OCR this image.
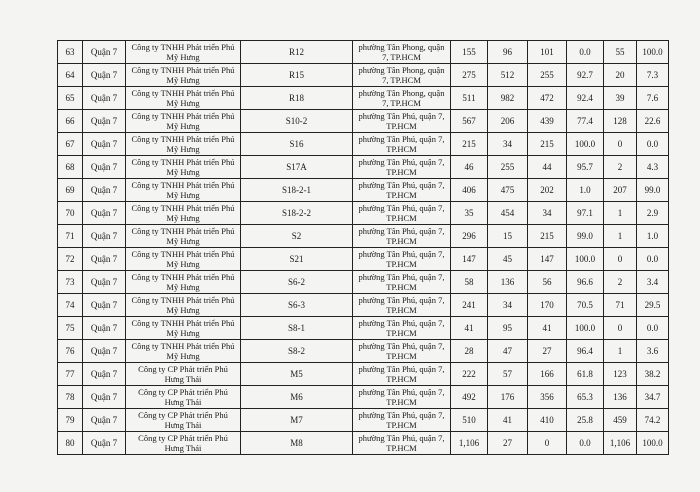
63	Quận 7	Công ty TNHH Phát triển Phú Mỹ Hưng	R12	phường Tân Phong, quận 7, TP.HCM	155	96	101	0.0	55	100.0
64	Quận 7	Công ty TNHH Phát triển Phú Mỹ Hưng	R15	phường Tân Phong, quận 7, TP.HCM	275	512	255	92.7	20	7.3
65	Quận 7	Công ty TNHH Phát triển Phú Mỹ Hưng	R18	phường Tân Phong, quận 7, TP.HCM	511	982	472	92.4	39	7.6
66	Quận 7	Công ty TNHH Phát triển Phú Mỹ Hưng	S10-2	phường Tân Phú, quận 7, TP.HCM	567	206	439	77.4	128	22.6
67	Quận 7	Công ty TNHH Phát triển Phú Mỹ Hưng	S16	phường Tân Phú, quận 7, TP.HCM	215	34	215	100.0	0	0.0
68	Quận 7	Công ty TNHH Phát triển Phú Mỹ Hưng	S17A	phường Tân Phú, quận 7, TP.HCM	46	255	44	95.7	2	4.3
69	Quận 7	Công ty TNHH Phát triển Phú Mỹ Hưng	S18-2-1	phường Tân Phú, quận 7, TP.HCM	406	475	202	1.0	207	99.0
70	Quận 7	Công ty TNHH Phát triển Phú Mỹ Hưng	S18-2-2	phường Tân Phú, quận 7, TP.HCM	35	454	34	97.1	1	2.9
71	Quận 7	Công ty TNHH Phát triển Phú Mỹ Hưng	S2	phường Tân Phú, quận 7, TP.HCM	296	15	215	99.0	1	1.0
72	Quận 7	Công ty TNHH Phát triển Phú Mỹ Hưng	S21	phường Tân Phú, quận 7, TP.HCM	147	45	147	100.0	0	0.0
73	Quận 7	Công ty TNHH Phát triển Phú Mỹ Hưng	S6-2	phường Tân Phú, quận 7, TP.HCM	58	136	56	96.6	2	3.4
74	Quận 7	Công ty TNHH Phát triển Phú Mỹ Hưng	S6-3	phường Tân Phú, quận 7, TP.HCM	241	34	170	70.5	71	29.5
75	Quận 7	Công ty TNHH Phát triển Phú Mỹ Hưng	S8-1	phường Tân Phú, quận 7, TP.HCM	41	95	41	100.0	0	0.0
76	Quận 7	Công ty TNHH Phát triển Phú Mỹ Hưng	S8-2	phường Tân Phú, quận 7, TP.HCM	28	47	27	96.4	1	3.6
77	Quận 7	Công ty CP Phát triển Phú Hưng Thái	M5	phường Tân Phú, quận 7, TP.HCM	222	57	166	61.8	123	38.2
78	Quận 7	Công ty CP Phát triển Phú Hưng Thái	M6	phường Tân Phú, quận 7, TP.HCM	492	176	356	65.3	136	34.7
79	Quận 7	Công ty CP Phát triển Phú Hưng Thái	M7	phường Tân Phú, quận 7, TP.HCM	510	41	410	25.8	459	74.2
80	Quận 7	Công ty CP Phát triển Phú Hưng Thái	M8	phường Tân Phú, quận 7, TP.HCM	1,106	27	0	0.0	1,106	100.0
